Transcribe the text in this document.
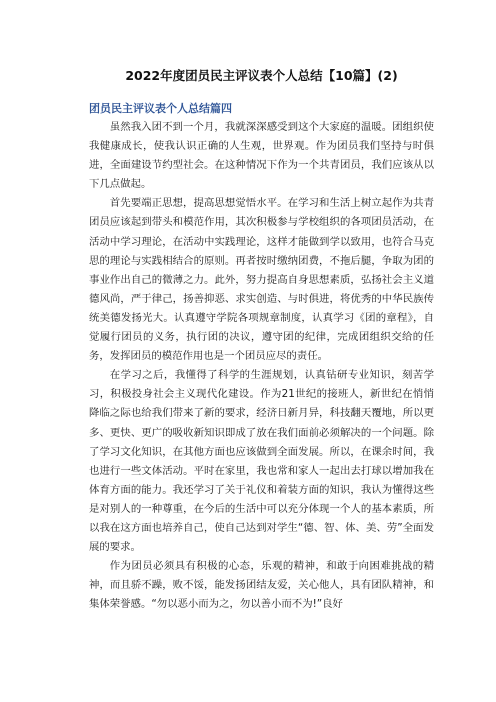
2022年度团员民主评议表个人总结【10篇】(2)
团员民主评议表个人总结篇四

虽然我入团不到一个月，我就深深感受到这个大家庭的温暖。团组织使我健康成长，使我认识正确的人生观，世界观。作为团员我们坚持与时俱进，全面建设节约型社会。在这种情况下作为一个共青团员，我们应该从以下几点做起。

首先要端正思想，提高思想觉悟水平。在学习和生活上树立起作为共青团员应该起到带头和模范作用，其次积极参与学校组织的各项团员活动，在活动中学习理论，在活动中实践理论，这样才能做到学以致用，也符合马克思的理论与实践相结合的原则。再者按时缴纳团费，不拖后腿，争取为团的事业作出自己的微薄之力。此外，努力提高自身思想素质，弘扬社会主义道德风尚，严于律己，扬善抑恶、求实创造、与时俱进，将优秀的中华民族传统美德发扬光大。认真遵守学院各项规章制度，认真学习《团的章程》，自觉履行团员的义务，执行团的决议，遵守团的纪律，完成团组织交给的任务，发挥团员的模范作用也是一个团员应尽的责任。

在学习之后，我懂得了科学的生涯规划，认真钻研专业知识，刻苦学习，积极投身社会主义现代化建设。作为21世纪的接班人，新世纪在悄悄降临之际也给我们带来了新的要求，经济日新月异，科技翻天覆地，所以更多、更快、更广的吸收新知识即成了放在我们面前必须解决的一个问题。除了学习文化知识，在其他方面也应该做到全面发展。所以，在课余时间，我也进行一些文体活动。平时在家里，我也常和家人一起出去打球以增加我在体育方面的能力。我还学习了关于礼仪和着装方面的知识，我认为懂得这些是对别人的一种尊重，在今后的生活中可以充分体现一个人的基本素质，所以我在这方面也培养自己，使自己达到对学生“德、智、体、美、劳”全面发展的要求。

作为团员必须具有积极的心态，乐观的精神，和敢于向困难挑战的精神，而且骄不躁，败不馁，能发扬团结友爱，关心他人，具有团队精神，和集体荣誉感。“勿以恶小而为之，勿以善小而不为!”良好
